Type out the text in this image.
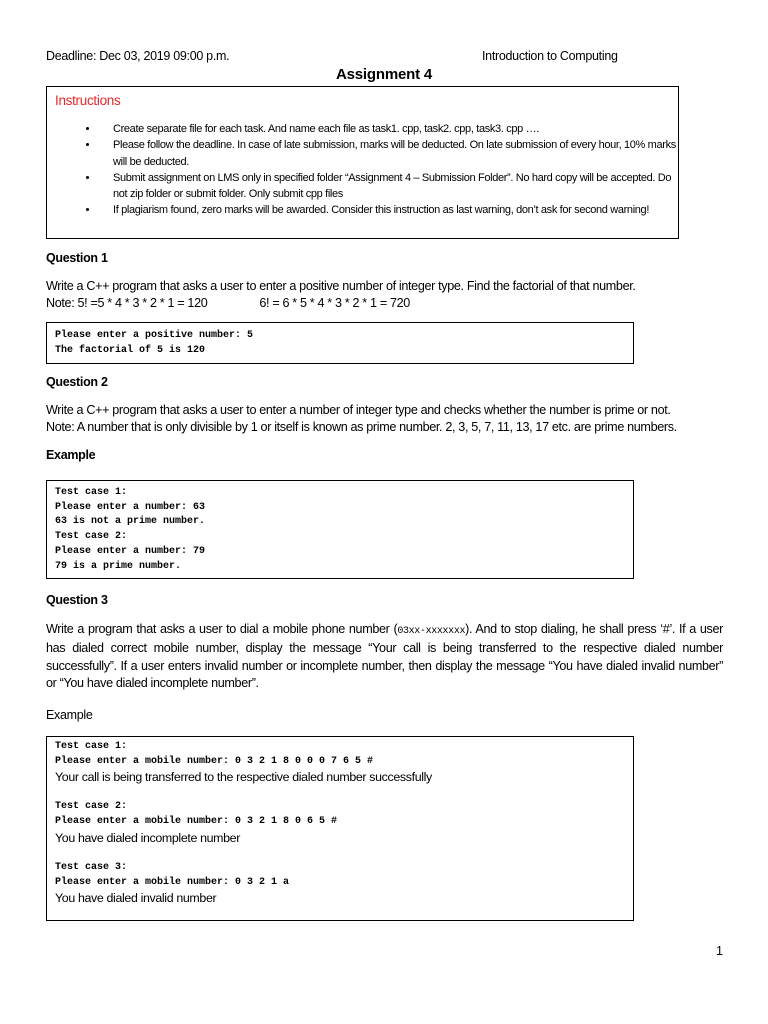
Deadline: Dec 03, 2019 09:00 p.m.	Introduction to Computing
Assignment 4
Instructions
• Create separate file for each task. And name each file as task1. cpp, task2. cpp, task3. cpp ….
• Please follow the deadline. In case of late submission, marks will be deducted. On late submission of every hour, 10% marks will be deducted.
• Submit assignment on LMS only in specified folder “Assignment 4 – Submission Folder”. No hard copy will be accepted. Do not zip folder or submit folder. Only submit cpp files
• If plagiarism found, zero marks will be awarded. Consider this instruction as last warning, don’t ask for second warning!
Question 1
Write a C++ program that asks a user to enter a positive number of integer type. Find the factorial of that number.
Note: 5! =5 * 4 * 3 * 2 * 1 = 120	6! = 6 * 5 * 4 * 3 * 2 * 1 = 720
Please enter a positive number: 5
The factorial of 5 is 120
Question 2
Write a C++ program that asks a user to enter a number of integer type and checks whether the number is prime or not.
Note: A number that is only divisible by 1 or itself is known as prime number. 2, 3, 5, 7, 11, 13, 17 etc. are prime numbers.
Example
Test case 1:
Please enter a number: 63
63 is not a prime number.
Test case 2:
Please enter a number: 79
79 is a prime number.
Question 3
Write a program that asks a user to dial a mobile phone number (03xx-xxxxxxx). And to stop dialing, he shall press ‘#’. If a user has dialed correct mobile number, display the message “Your call is being transferred to the respective dialed number successfully”. If a user enters invalid number or incomplete number, then display the message “You have dialed invalid number” or “You have dialed incomplete number”.
Example
Test case 1:
Please enter a mobile number: 0 3 2 1 8 0 0 0 7 6 5 #
Your call is being transferred to the respective dialed number successfully
Test case 2:
Please enter a mobile number: 0 3 2 1 8 0 6 5 #
You have dialed incomplete number
Test case 3:
Please enter a mobile number: 0 3 2 1 a
You have dialed invalid number
1
